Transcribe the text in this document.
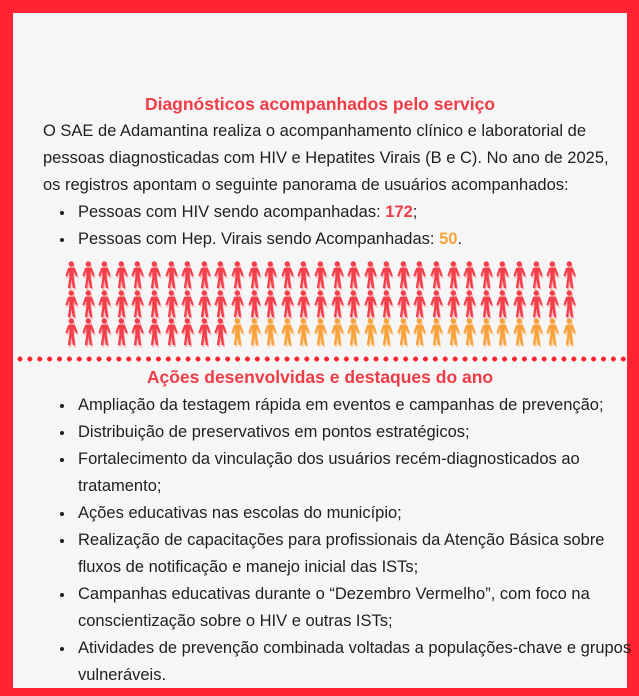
Diagnósticos acompanhados pelo serviço

O SAE de Adamantina realiza o acompanhamento clínico e laboratorial de pessoas diagnosticadas com HIV e Hepatites Virais (B e C). No ano de 2025, os registros apontam o seguinte panorama de usuários acompanhados:

• Pessoas com HIV sendo acompanhadas: 172;
• Pessoas com Hep. Virais sendo Acompanhadas: 50.
Ações desenvolvidas e destaques do ano
• Ampliação da testagem rápida em eventos e campanhas de prevenção;
• Distribuição de preservativos em pontos estratégicos;
• Fortalecimento da vinculação dos usuários recém-diagnosticados ao tratamento;
• Ações educativas nas escolas do município;
• Realização de capacitações para profissionais da Atenção Básica sobre fluxos de notificação e manejo inicial das ISTs;
• Campanhas educativas durante o “Dezembro Vermelho”, com foco na conscientização sobre o HIV e outras ISTs;
• Atividades de prevenção combinada voltadas a populações-chave e grupos vulneráveis.
